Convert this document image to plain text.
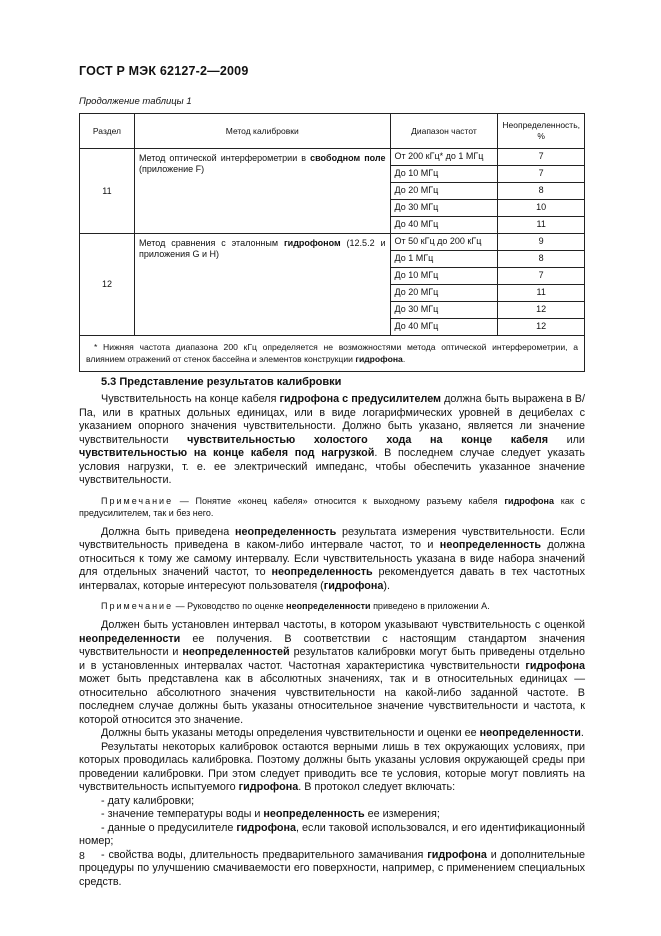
ГОСТ Р МЭК 62127-2—2009
Продолжение таблицы 1
Раздел	Метод калибровки	Диапазон частот	Неопределенность, %
11	Метод оптической интерферометрии в свободном поле (приложение F)	От 200 кГц* до 1 МГц	7
		До 10 МГц	7
		До 20 МГц	8
		До 30 МГц	10
		До 40 МГц	11
12	Метод сравнения с эталонным гидрофоном (12.5.2 и приложения G и H)	От 50 кГц до 200 кГц	9
		До 1 МГц	8
		До 10 МГц	7
		До 20 МГц	11
		До 30 МГц	12
		До 40 МГц	12
* Нижняя частота диапазона 200 кГц определяется не возможностями метода оптической интерферометрии, а влиянием отражений от стенок бассейна и элементов конструкции гидрофона.			
5.3 Представление результатов калибровки

Чувствительность на конце кабеля гидрофона с предусилителем должна быть выражена в В/Па, или в кратных дольных единицах, или в виде логарифмических уровней в децибелах с указанием опорного значения чувствительности. Должно быть указано, является ли значение чувствительности чувствительностью холостого хода на конце кабеля или чувствительностью на конце кабеля под нагрузкой. В последнем случае следует указать условия нагрузки, т. е. ее электрический импеданс, чтобы обеспечить указанное значение чувствительности.

Примечание — Понятие «конец кабеля» относится к выходному разъему кабеля гидрофона как с предусилителем, так и без него.

Должна быть приведена неопределенность результата измерения чувствительности. Если чувствительность приведена в каком-либо интервале частот, то и неопределенность должна относиться к тому же самому интервалу. Если чувствительность указана в виде набора значений для отдельных значений частот, то неопределенность рекомендуется давать в тех частотных интервалах, которые интересуют пользователя (гидрофона).

Примечание — Руководство по оценке неопределенности приведено в приложении А.

Должен быть установлен интервал частоты, в котором указывают чувствительность с оценкой неопределенности ее получения. В соответствии с настоящим стандартом значения чувствительности и неопределенностей результатов калибровки могут быть приведены отдельно и в установленных интервалах частот. Частотная характеристика чувствительности гидрофона может быть представлена как в абсолютных значениях, так и в относительных единицах — относительно абсолютного значения чувствительности на какой-либо заданной частоте. В последнем случае должны быть указаны относительное значение чувствительности и частота, к которой относится это значение.

Должны быть указаны методы определения чувствительности и оценки ее неопределенности.

Результаты некоторых калибровок остаются верными лишь в тех окружающих условиях, при которых проводилась калибровка. Поэтому должны быть указаны условия окружающей среды при проведении калибровки. При этом следует приводить все те условия, которые могут повлиять на чувствительность испытуемого гидрофона. В протокол следует включать:

- дату калибровки;

- значение температуры воды и неопределенность ее измерения;

- данные о предусилителе гидрофона, если таковой использовался, и его идентификационный номер;

- свойства воды, длительность предварительного замачивания гидрофона и дополнительные процедуры по улучшению смачиваемости его поверхности, например, с применением специальных средств.

8
